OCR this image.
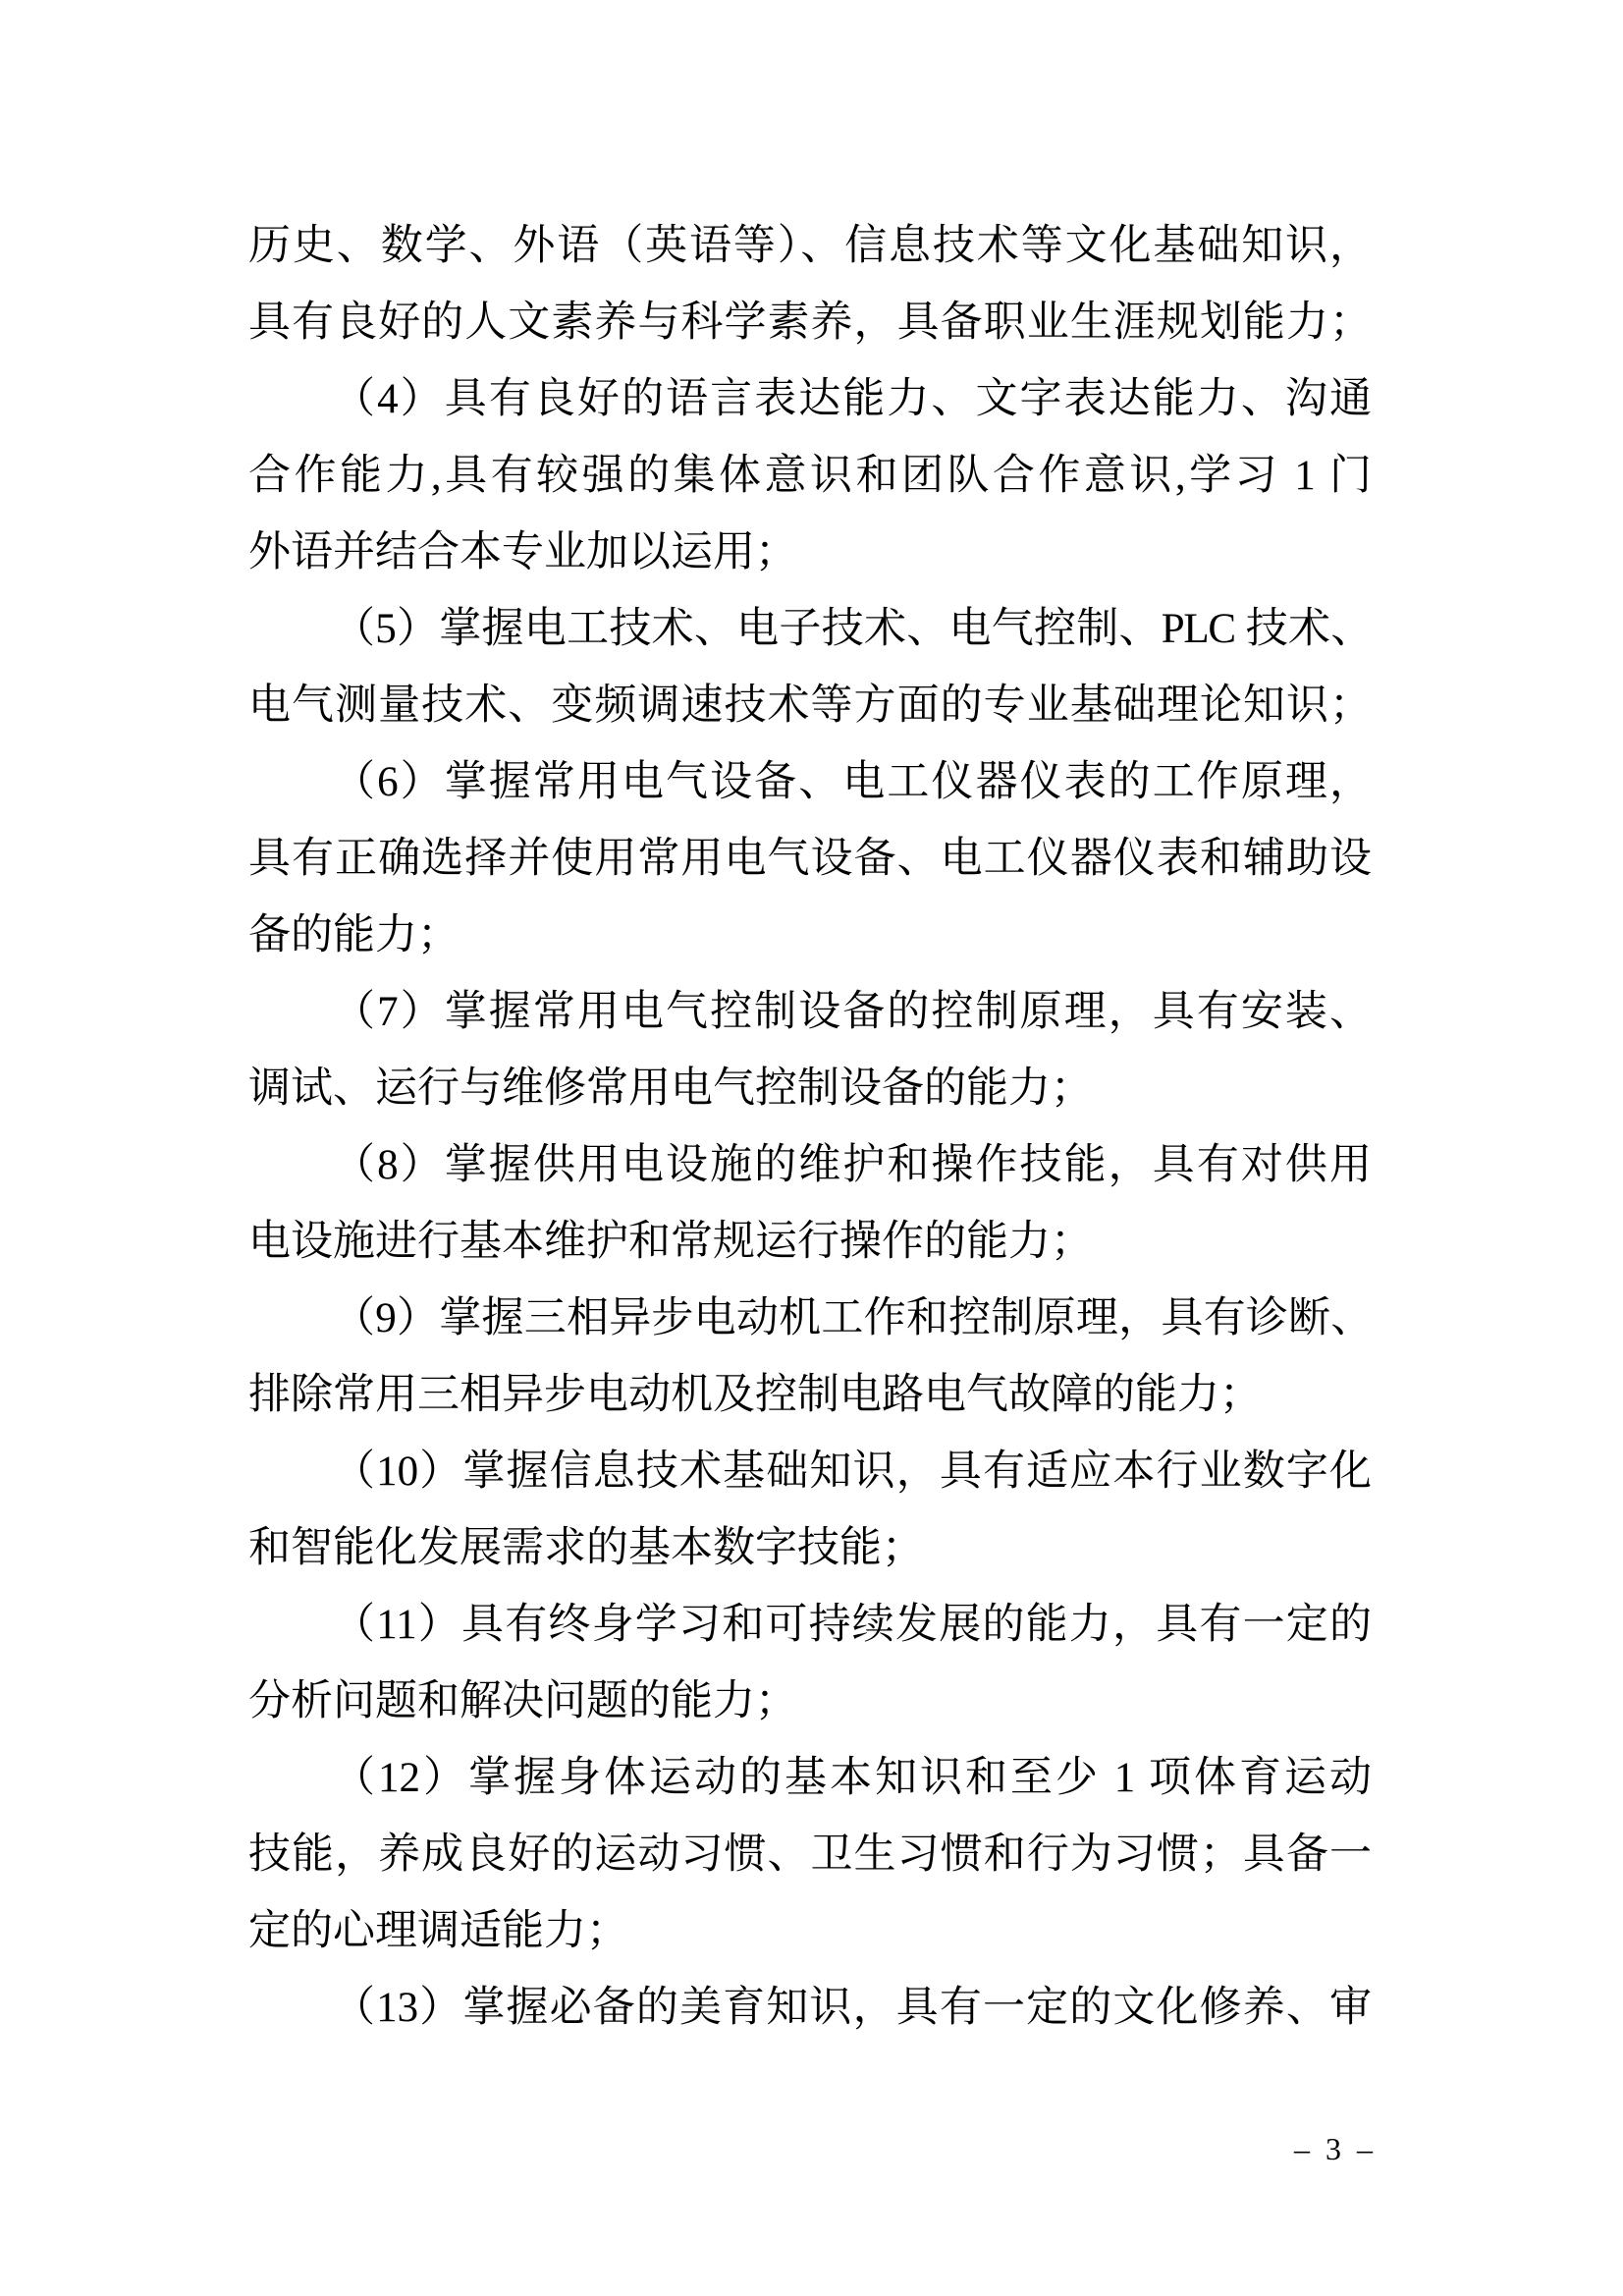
历史、数学、外语（英语等）、信息技术等文化基础知识，
具有良好的人文素养与科学素养，具备职业生涯规划能力；
（4）具有良好的语言表达能力、文字表达能力、沟通
合作能力,具有较强的集体意识和团队合作意识,学习 1 门
外语并结合本专业加以运用；
（5）掌握电工技术、电子技术、电气控制、PLC 技术、
电气测量技术、变频调速技术等方面的专业基础理论知识；
（6）掌握常用电气设备、电工仪器仪表的工作原理，
具有正确选择并使用常用电气设备、电工仪器仪表和辅助设
备的能力；
（7）掌握常用电气控制设备的控制原理，具有安装、
调试、运行与维修常用电气控制设备的能力；
（8）掌握供用电设施的维护和操作技能，具有对供用
电设施进行基本维护和常规运行操作的能力；
（9）掌握三相异步电动机工作和控制原理，具有诊断、
排除常用三相异步电动机及控制电路电气故障的能力；
（10）掌握信息技术基础知识，具有适应本行业数字化
和智能化发展需求的基本数字技能；
（11）具有终身学习和可持续发展的能力，具有一定的
分析问题和解决问题的能力；
（12）掌握身体运动的基本知识和至少 1 项体育运动
技能，养成良好的运动习惯、卫生习惯和行为习惯；具备一
定的心理调适能力；
（13）掌握必备的美育知识，具有一定的文化修养、审
– 3 –
